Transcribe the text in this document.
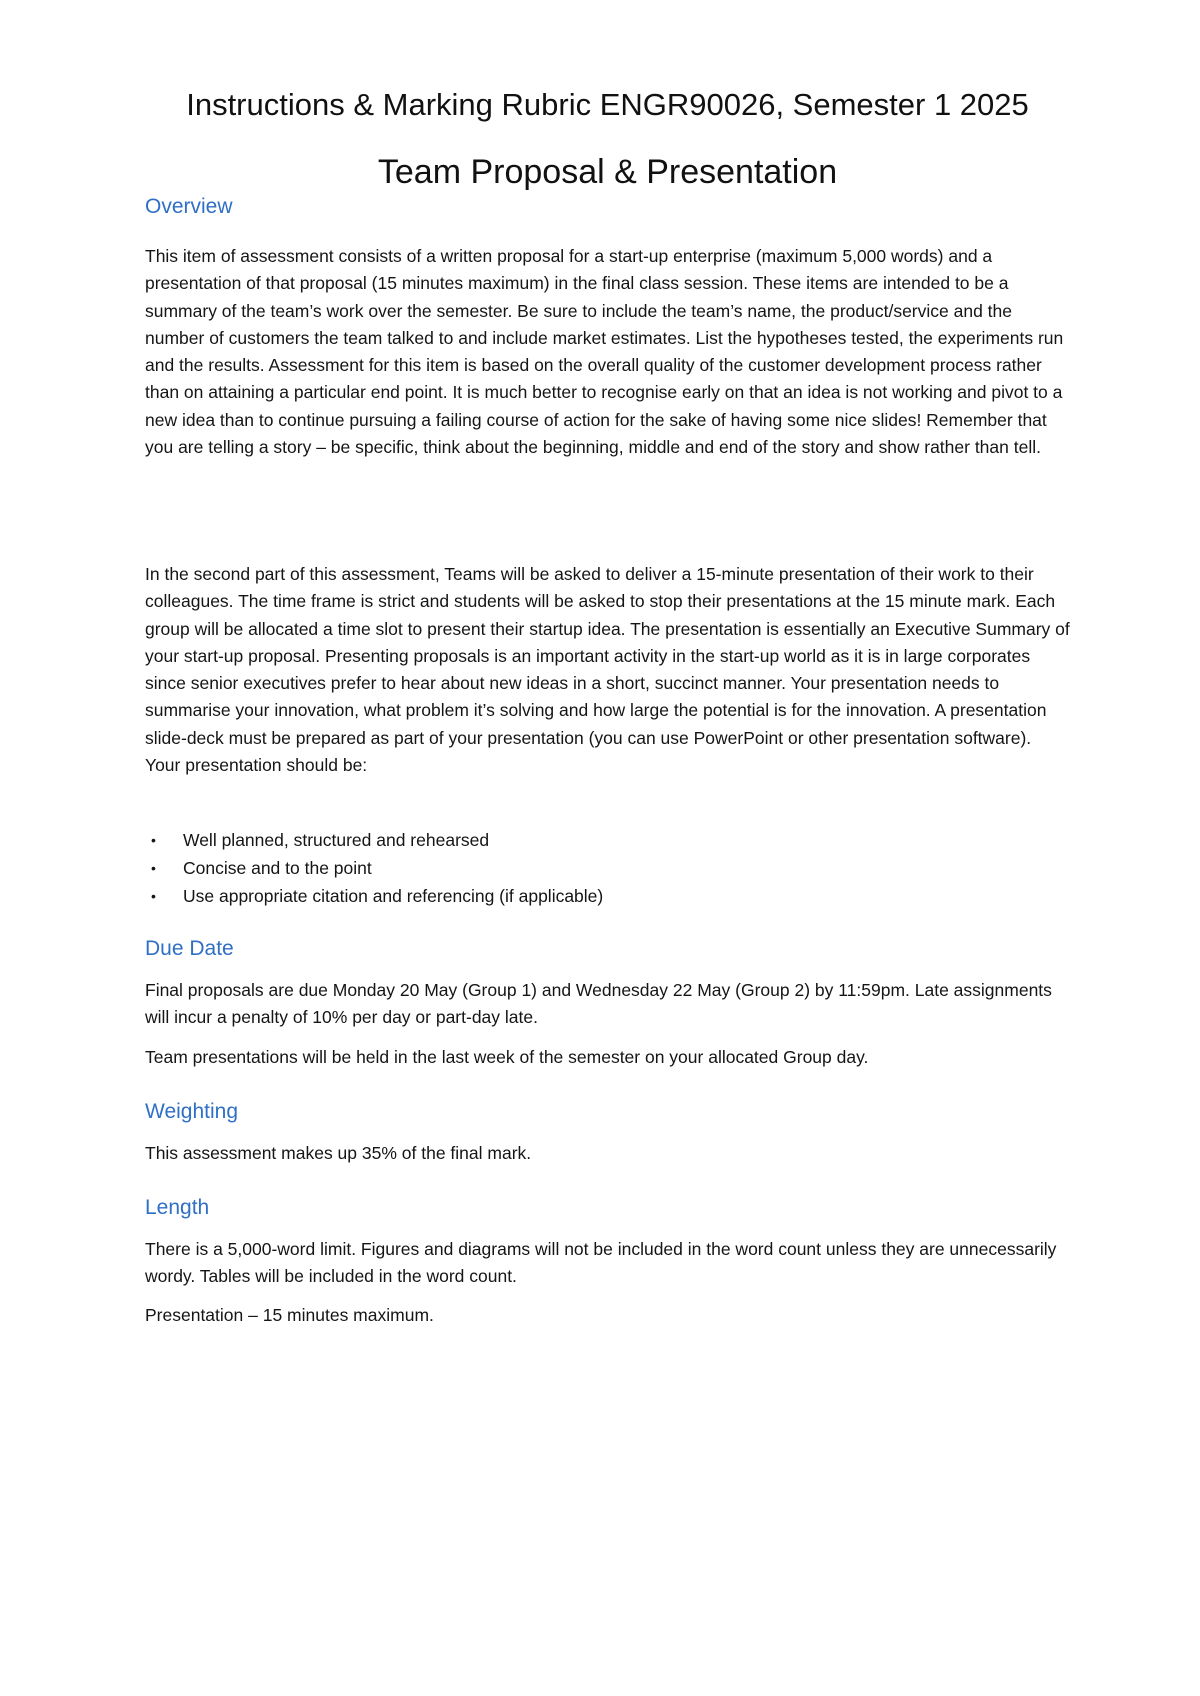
Instructions & Marking Rubric ENGR90026, Semester 1 2025
Team Proposal & Presentation
Overview

This item of assessment consists of a written proposal for a start-up enterprise (maximum 5,000 words) and a presentation of that proposal (15 minutes maximum) in the final class session. These items are intended to be a summary of the team’s work over the semester. Be sure to include the team’s name, the product/service and the number of customers the team talked to and include market estimates. List the hypotheses tested, the experiments run and the results. Assessment for this item is based on the overall quality of the customer development process rather than on attaining a particular end point. It is much better to recognise early on that an idea is not working and pivot to a new idea than to continue pursuing a failing course of action for the sake of having some nice slides! Remember that you are telling a story – be specific, think about the beginning, middle and end of the story and show rather than tell.

In the second part of this assessment, Teams will be asked to deliver a 15-minute presentation of their work to their colleagues. The time frame is strict and students will be asked to stop their presentations at the 15 minute mark. Each group will be allocated a time slot to present their startup idea. The presentation is essentially an Executive Summary of your start-up proposal. Presenting proposals is an important activity in the start-up world as it is in large corporates since senior executives prefer to hear about new ideas in a short, succinct manner. Your presentation needs to summarise your innovation, what problem it’s solving and how large the potential is for the innovation. A presentation slide-deck must be prepared as part of your presentation (you can use PowerPoint or other presentation software). Your presentation should be:

• Well planned, structured and rehearsed
• Concise and to the point
• Use appropriate citation and referencing (if applicable)
Due Date

Final proposals are due Monday 20 May (Group 1) and Wednesday 22 May (Group 2) by 11:59pm. Late assignments will incur a penalty of 10% per day or part-day late.

Team presentations will be held in the last week of the semester on your allocated Group day.

Weighting

This assessment makes up 35% of the final mark.

Length

There is a 5,000-word limit. Figures and diagrams will not be included in the word count unless they are unnecessarily wordy. Tables will be included in the word count.

Presentation – 15 minutes maximum.
